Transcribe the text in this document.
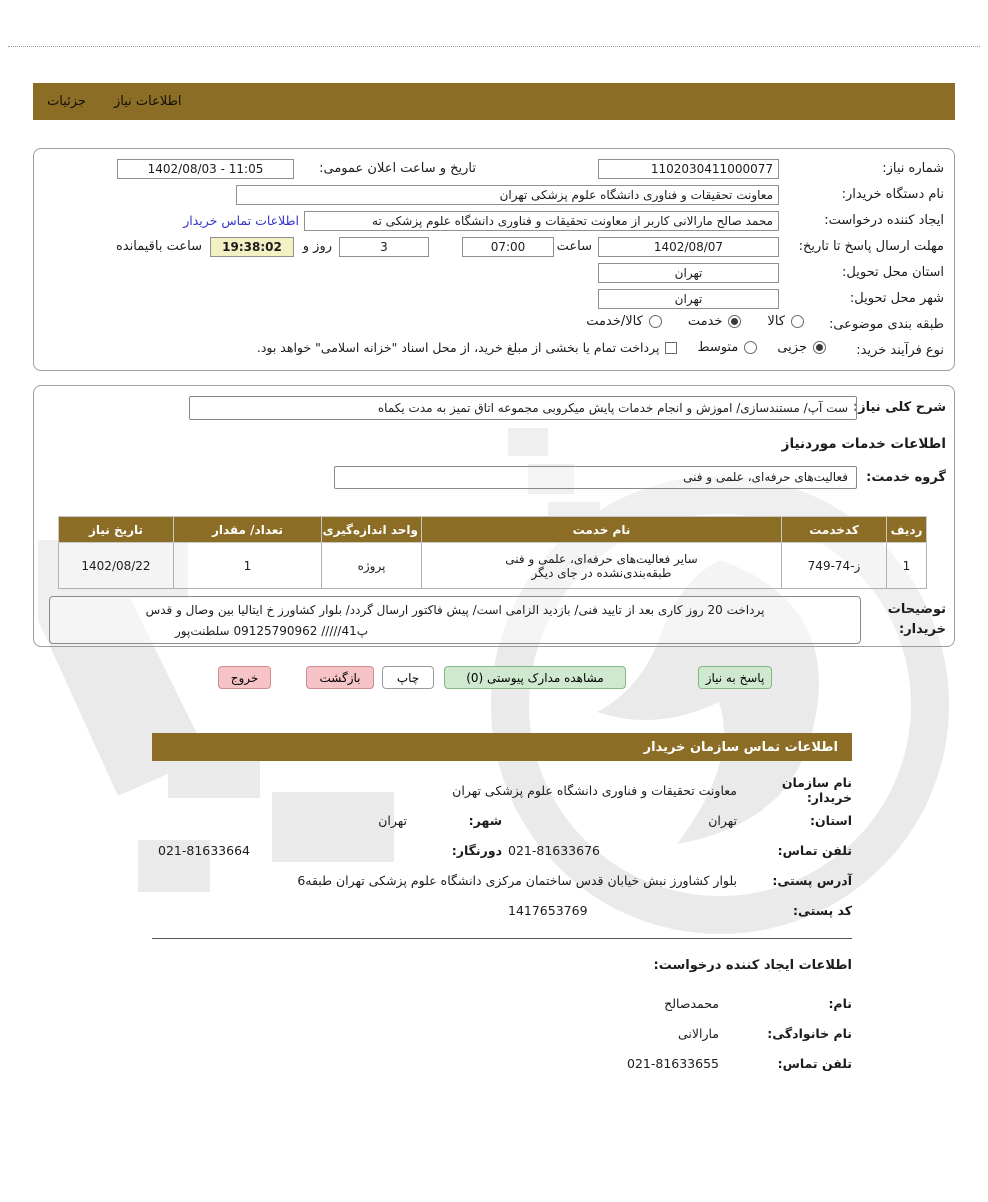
اطلاعات نیاز
جزئیات
شماره نیاز:
1102030411000077
تاریخ و ساعت اعلان عمومی:
1402/08/03 - 11:05
نام دستگاه خریدار:
معاونت تحقیقات و فناوری دانشگاه علوم پزشکی تهران
ایجاد کننده درخواست:
محمد صالح مارالانی کاربر از معاونت تحقیقات و فناوری دانشگاه علوم پزشکی ته
اطلاعات تماس خریدار
مهلت ارسال پاسخ تا تاریخ:
1402/08/07
ساعت
07:00
3
روز و
19:38:02
ساعت باقیمانده
استان محل تحویل:
تهران
شهر محل تحویل:
تهران
طبقه بندی موضوعی:
کالا
خدمت
کالا/خدمت
نوع فرآیند خرید:
جزیی
متوسط
پرداخت تمام یا بخشی از مبلغ خرید، از محل اسناد "خزانه اسلامی" خواهد بود.
شرح کلی نیاز:
ست آپ/ مستندسازی/ اموزش و انجام خدمات پایش میکروبی مجموعه اتاق تمیز به مدت یکماه
اطلاعات خدمات موردنیاز
گروه خدمت:
فعالیت‌های حرفه‌ای، علمی و فنی
ردیف	کدخدمت	نام خدمت	واحد اندازه‌گیری	تعداد/ مقدار	تاریخ نیاز
1	ز-74-749	سایر فعالیت‌های حرفه‌ای، علمی و فنی
طبقه‌بندی‌نشده در جای دیگر	پروژه	1	1402/08/22
توضیحات خریدار:
پرداخت 20 روز کاری بعد از تایید فنی/ بازدید الزامی است/ پیش فاکتور ارسال گردد/ بلوار کشاورز خ ایتالیا بین وصال و قدس
پ41///// 09125790962 سلطنت‌پور
پاسخ به نیاز
مشاهده مدارک پیوستی (0)
چاپ
بازگشت
خروج
اطلاعات تماس سازمان خریدار
نام سازمان خریدار:
معاونت تحقیقات و فناوری دانشگاه علوم پزشکی تهران
استان:
تهران
شهر:
تهران
تلفن تماس:
021-81633676
دورنگار:
021-81633664
آدرس پستی:
بلوار کشاورز نبش خیابان قدس ساختمان مرکزی دانشگاه علوم پزشکی تهران طبقه6
کد پستی:
1417653769
اطلاعات ایجاد کننده درخواست:
نام:
محمدصالح
نام خانوادگی:
مارالانی
تلفن تماس:
021-81633655
